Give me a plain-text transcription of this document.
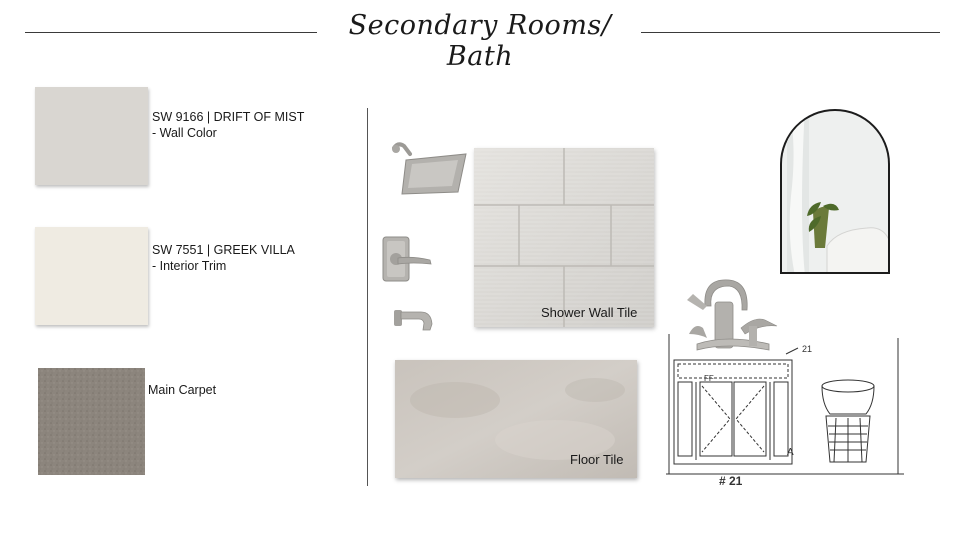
Secondary Rooms/ Bath
SW 9166 | DRIFT OF MIST
- Wall Color
SW 7551 | GREEK VILLA
- Interior Trim
Main Carpet
Shower Wall Tile
Floor Tile
FF
21
A
# 21
